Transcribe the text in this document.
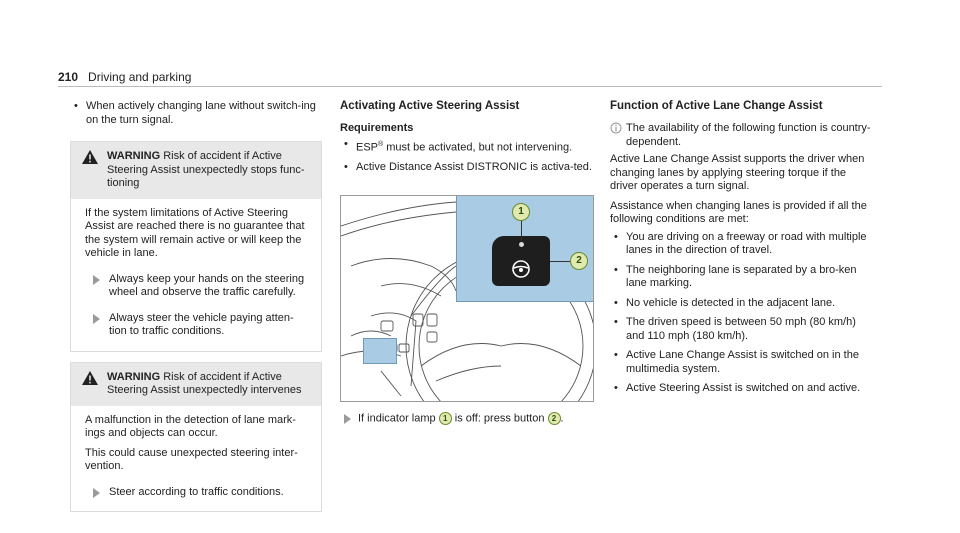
210 Driving and parking
• When actively changing lane without switch-ing on the turn signal.
WARNING Risk of accident if Active Steering Assist unexpectedly stops func-tioning
If the system limitations of Active Steering Assist are reached there is no guarantee that the system will remain active or will keep the vehicle in lane.
Always keep your hands on the steering wheel and observe the traffic carefully.
Always steer the vehicle paying atten-tion to traffic conditions.
WARNING Risk of accident if Active Steering Assist unexpectedly intervenes
A malfunction in the detection of lane mark-ings and objects can occur.
This could cause unexpected steering inter-vention.
Steer according to traffic conditions.
Activating Active Steering Assist
Requirements
• ESP® must be activated, but not intervening.
• Active Distance Assist DISTRONIC is activa-ted.
1
2
If indicator lamp 1 is off: press button 2 .
Function of Active Lane Change Assist
The availability of the following function is country-dependent.
Active Lane Change Assist supports the driver when changing lanes by applying steering torque if the driver operates a turn signal.
Assistance when changing lanes is provided if all the following conditions are met:
• You are driving on a freeway or road with multiple lanes in the direction of travel.
• The neighboring lane is separated by a bro-ken lane marking.
• No vehicle is detected in the adjacent lane.
• The driven speed is between 50 mph (80 km/h) and 110 mph (180 km/h).
• Active Lane Change Assist is switched on in the multimedia system.
• Active Steering Assist is switched on and active.
